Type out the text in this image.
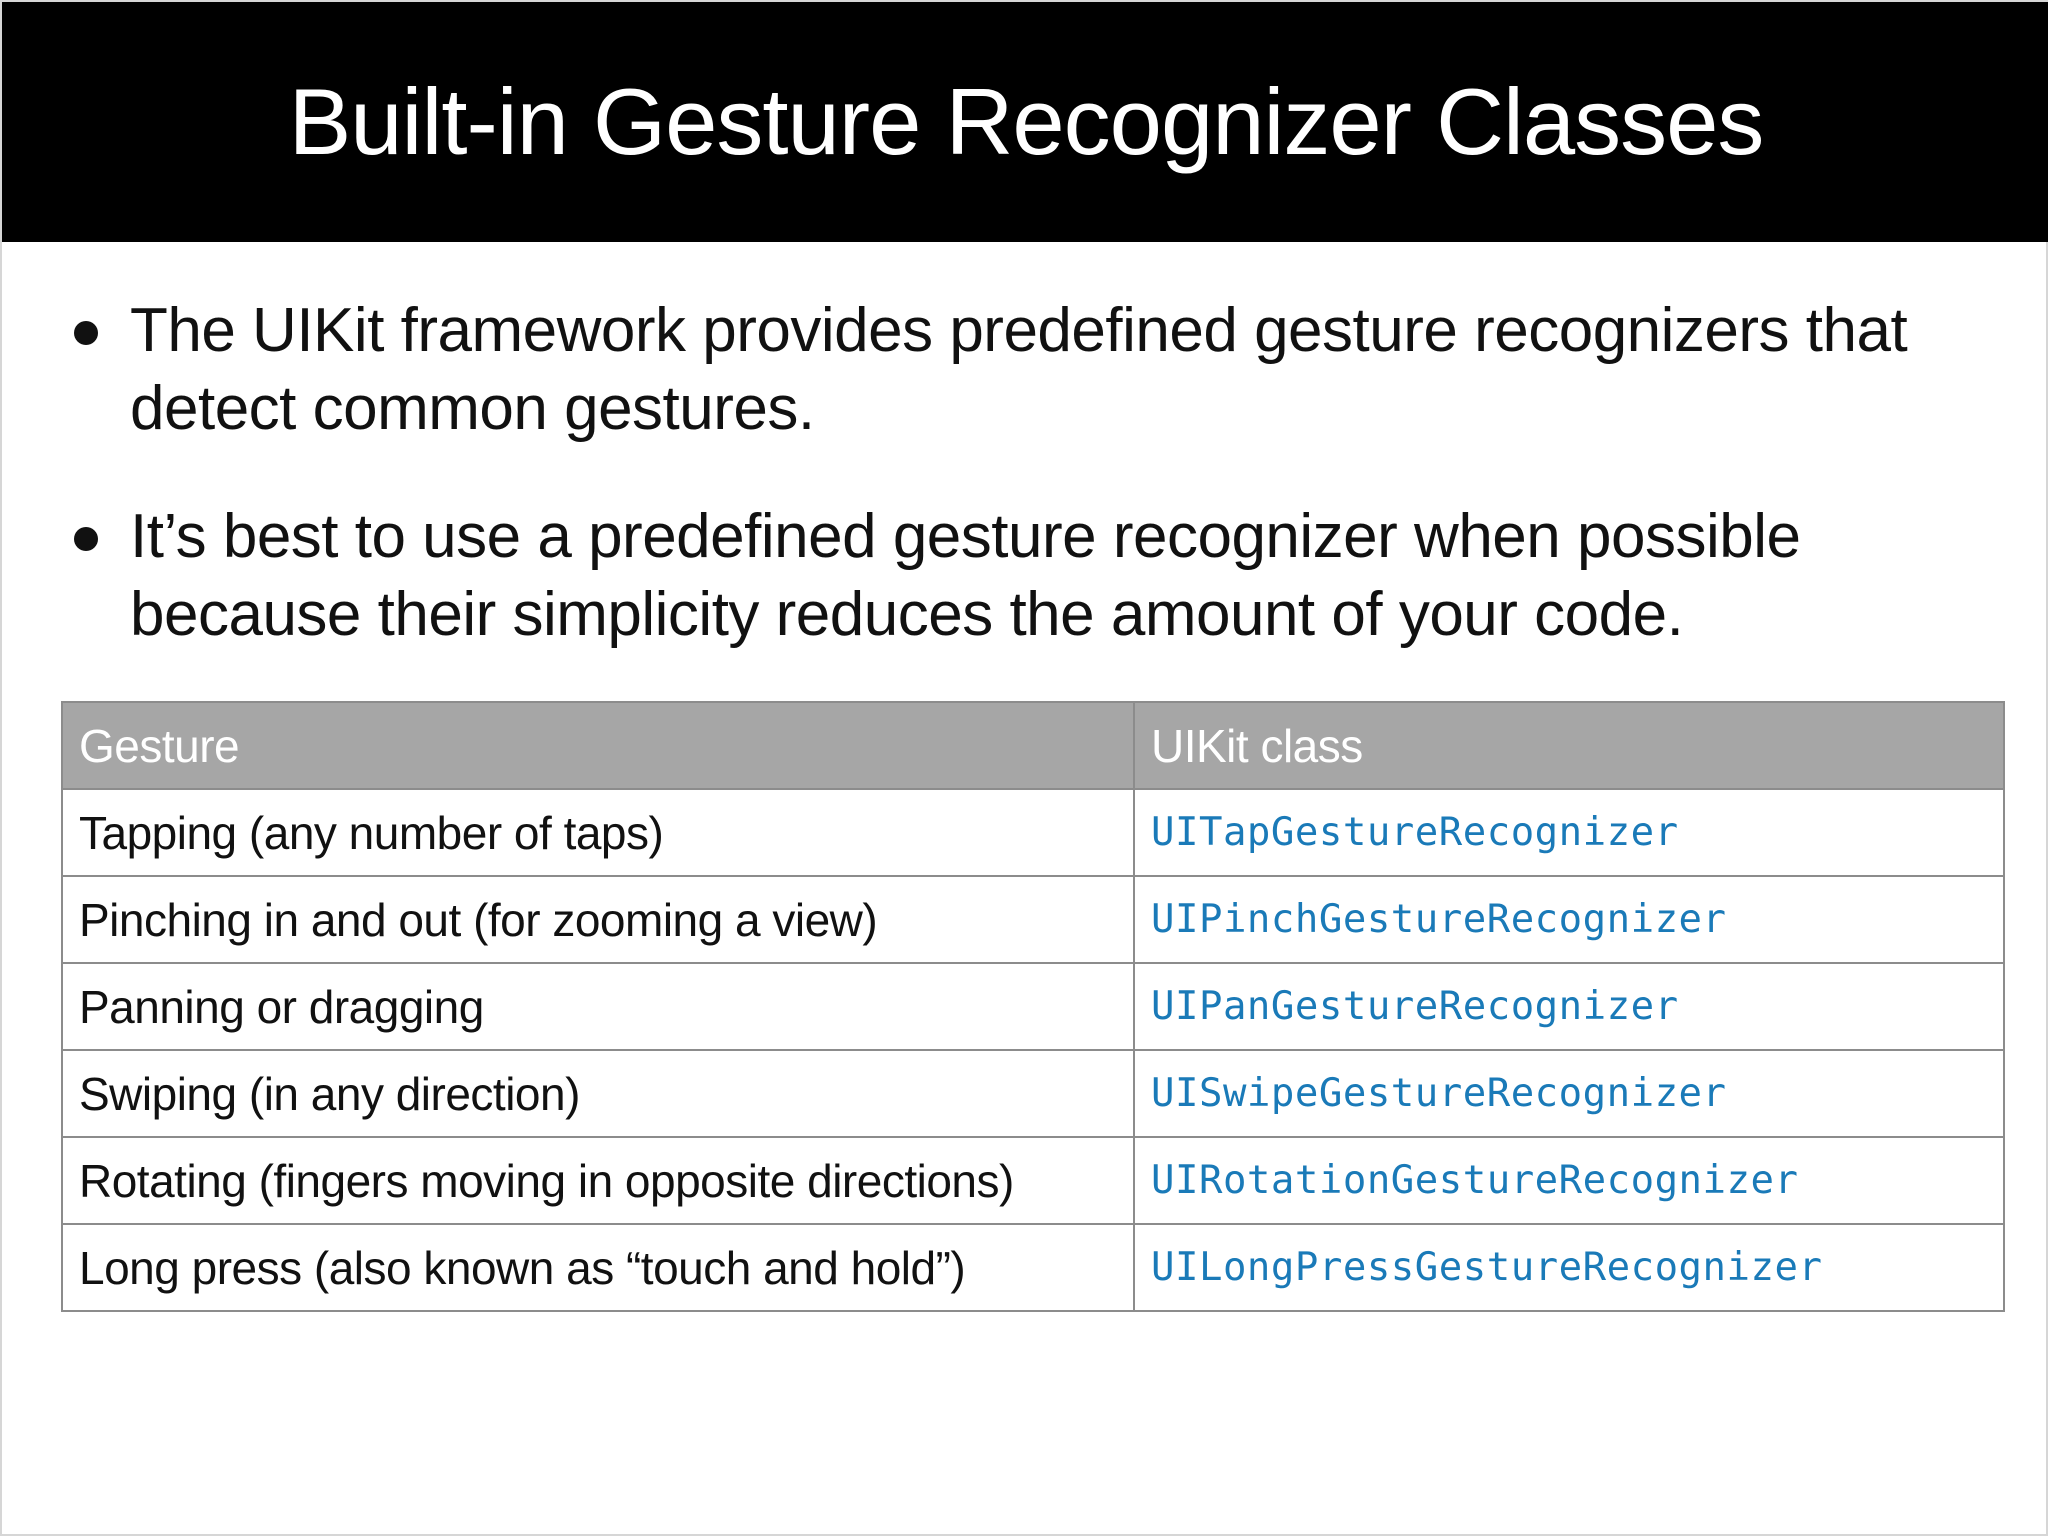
Built-in Gesture Recognizer Classes
The UIKit framework provides predefined gesture recognizers that detect common gestures.
It’s best to use a predefined gesture recognizer when possible because their simplicity reduces the amount of your code.
Gesture	UIKit class
Tapping (any number of taps)	UITapGestureRecognizer
Pinching in and out (for zooming a view)	UIPinchGestureRecognizer
Panning or dragging	UIPanGestureRecognizer
Swiping (in any direction)	UISwipeGestureRecognizer
Rotating (fingers moving in opposite directions)	UIRotationGestureRecognizer
Long press (also known as “touch and hold”)	UILongPressGestureRecognizer
